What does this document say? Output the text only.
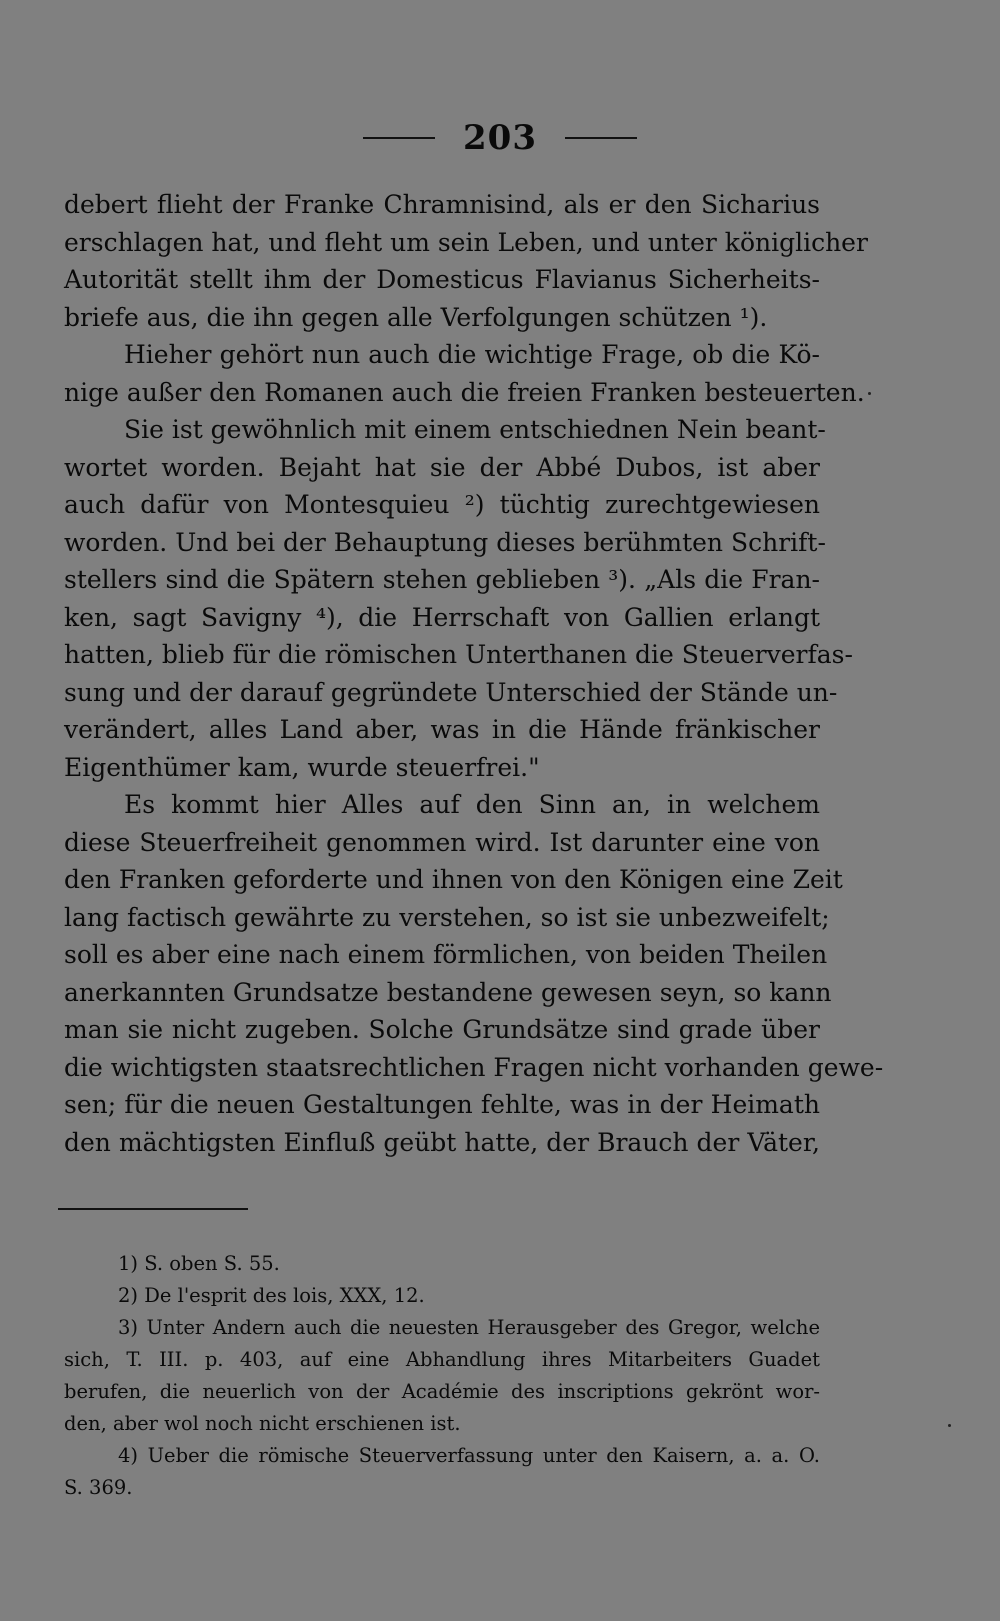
203
debert flieht der Franke Chramnisind, als er den Sicharius
erschlagen hat, und fleht um sein Leben, und unter königlicher
Autorität stellt ihm der Domesticus Flavianus Sicherheits-
briefe aus, die ihn gegen alle Verfolgungen schützen ¹).
Hieher gehört nun auch die wichtige Frage, ob die Kö-
nige außer den Romanen auch die freien Franken besteuerten.
Sie ist gewöhnlich mit einem entschiednen Nein beant-
wortet worden. Bejaht hat sie der Abbé Dubos, ist aber
auch dafür von Montesquieu ²) tüchtig zurechtgewiesen
worden. Und bei der Behauptung dieses berühmten Schrift-
stellers sind die Spätern stehen geblieben ³). „Als die Fran-
ken, sagt Savigny ⁴), die Herrschaft von Gallien erlangt
hatten, blieb für die römischen Unterthanen die Steuerverfas-
sung und der darauf gegründete Unterschied der Stände un-
verändert, alles Land aber, was in die Hände fränkischer
Eigenthümer kam, wurde steuerfrei."
Es kommt hier Alles auf den Sinn an, in welchem
diese Steuerfreiheit genommen wird. Ist darunter eine von
den Franken geforderte und ihnen von den Königen eine Zeit
lang factisch gewährte zu verstehen, so ist sie unbezweifelt;
soll es aber eine nach einem förmlichen, von beiden Theilen
anerkannten Grundsatze bestandene gewesen seyn, so kann
man sie nicht zugeben. Solche Grundsätze sind grade über
die wichtigsten staatsrechtlichen Fragen nicht vorhanden gewe-
sen; für die neuen Gestaltungen fehlte, was in der Heimath
den mächtigsten Einfluß geübt hatte, der Brauch der Väter,
1) S. oben S. 55.
2) De l'esprit des lois, XXX, 12.
3) Unter Andern auch die neuesten Herausgeber des Gregor, welche
sich, T. III. p. 403, auf eine Abhandlung ihres Mitarbeiters Guadet
berufen, die neuerlich von der Académie des inscriptions gekrönt wor-
den, aber wol noch nicht erschienen ist.
4) Ueber die römische Steuerverfassung unter den Kaisern, a. a. O.
S. 369.
